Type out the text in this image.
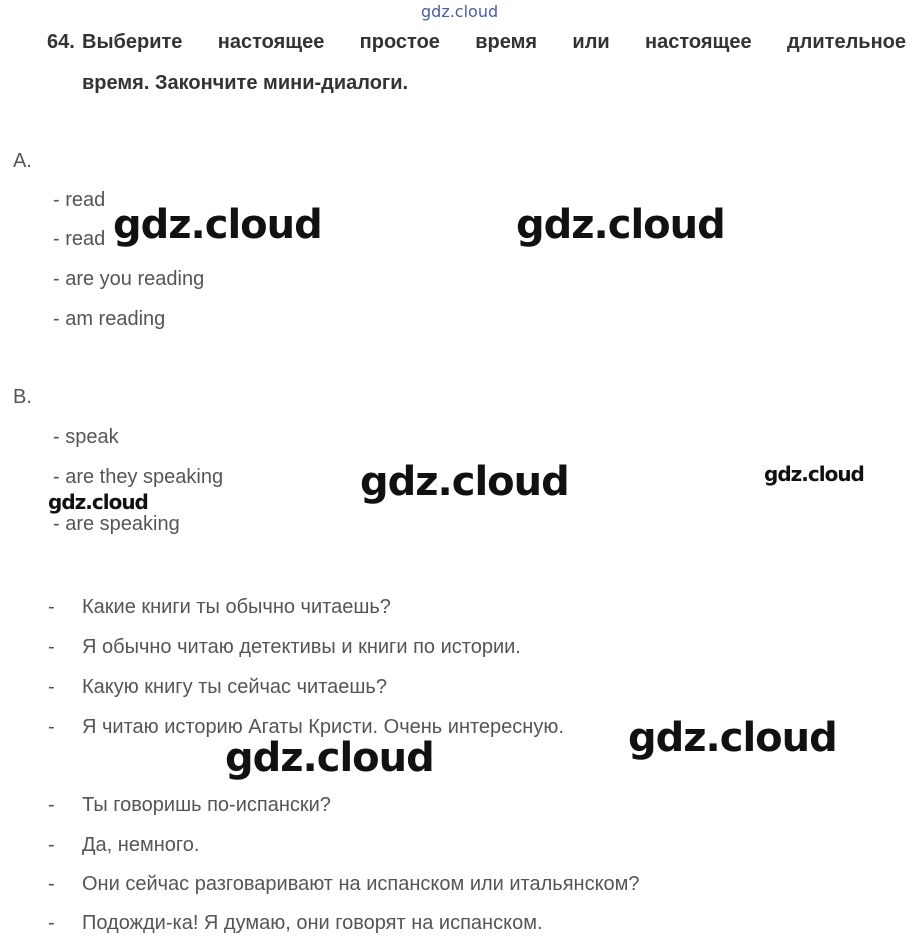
gdz.cloud
64. Выберите настоящее простое время или настоящее длительное
время. Закончите мини-диалоги.
A.
- read
- read
- are you reading
- am reading
B.
- speak
- are they speaking
- are speaking
- Какие книги ты обычно читаешь?
- Я обычно читаю детективы и книги по истории.
- Какую книгу ты сейчас читаешь?
- Я читаю историю Агаты Кристи. Очень интересную.
- Ты говоришь по-испански?
- Да, немного.
- Они сейчас разговаривают на испанском или итальянском?
- Подожди-ка! Я думаю, они говорят на испанском.
gdz.cloud	gdz.cloud
gdz.cloud	gdz.cloud
gdz.cloud
gdz.cloud
gdz.cloud
